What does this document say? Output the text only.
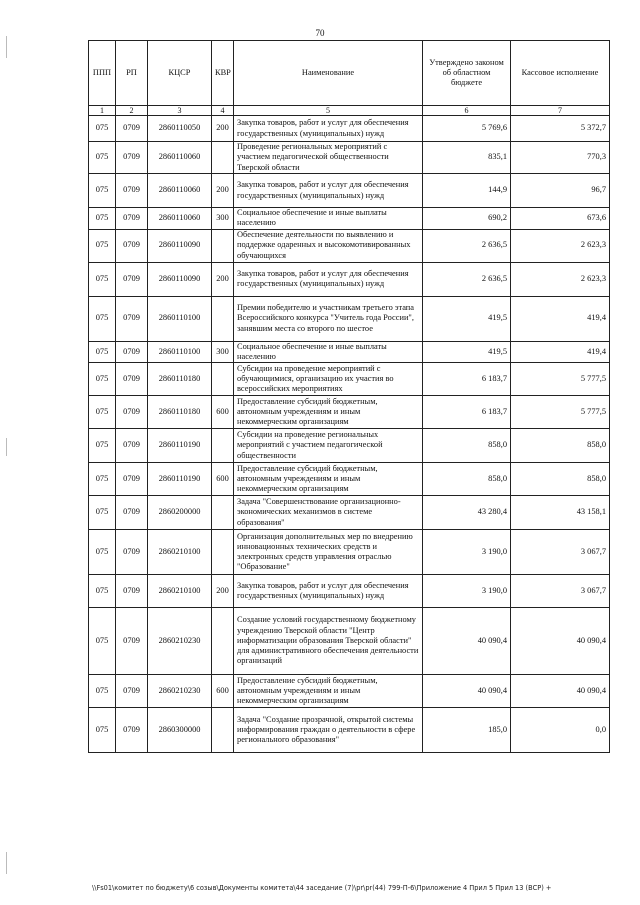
70
ППП	РП	КЦСР	КВР	Наименование	Утверждено законом об областном бюджете	Кассовое исполнение
1	2	3	4	5	6	7
075	0709	2860110050	200	Закупка товаров, работ и услуг для обеспечения государственных (муниципальных) нужд	5 769,6	5 372,7
075	0709	2860110060		Проведение региональных мероприятий с участием педагогической общественности Тверской области	835,1	770,3
075	0709	2860110060	200	Закупка товаров, работ и услуг для обеспечения государственных (муниципальных) нужд	144,9	96,7
075	0709	2860110060	300	Социальное обеспечение и иные выплаты населению	690,2	673,6
075	0709	2860110090		Обеспечение деятельности по выявлению и поддержке одаренных и высокомотивированных обучающихся	2 636,5	2 623,3
075	0709	2860110090	200	Закупка товаров, работ и услуг для обеспечения государственных (муниципальных) нужд	2 636,5	2 623,3
075	0709	2860110100		Премии победителю и участникам третьего этапа Всероссийского конкурса "Учитель года России", занявшим места со второго по шестое	419,5	419,4
075	0709	2860110100	300	Социальное обеспечение и иные выплаты населению	419,5	419,4
075	0709	2860110180		Субсидии на проведение мероприятий с обучающимися, организацию их участия во всероссийских мероприятиях	6 183,7	5 777,5
075	0709	2860110180	600	Предоставление субсидий бюджетным, автономным учреждениям и иным некоммерческим организациям	6 183,7	5 777,5
075	0709	2860110190		Субсидии на проведение региональных мероприятий с участием педагогической общественности	858,0	858,0
075	0709	2860110190	600	Предоставление субсидий бюджетным, автономным учреждениям и иным некоммерческим организациям	858,0	858,0
075	0709	2860200000		Задача "Совершенствование организационно-экономических механизмов в системе образования"	43 280,4	43 158,1
075	0709	2860210100		Организация дополнительных мер по внедрению инновационных технических средств и электронных средств управления отраслью "Образование"	3 190,0	3 067,7
075	0709	2860210100	200	Закупка товаров, работ и услуг для обеспечения государственных (муниципальных) нужд	3 190,0	3 067,7
075	0709	2860210230		Создание условий государственному бюджетному учреждению Тверской области "Центр информатизации образования Тверской области" для административного обеспечения деятельности организаций	40 090,4	40 090,4
075	0709	2860210230	600	Предоставление субсидий бюджетным, автономным учреждениям и иным некоммерческим организациям	40 090,4	40 090,4
075	0709	2860300000		Задача "Создание прозрачной, открытой системы информирования граждан о деятельности в сфере регионального образования"	185,0	0,0
\\Fs01\комитет по бюджету\6 созыв\Документы комитета\44 заседание (7)\pr\pr(44) 799-П-6\Приложение 4 Прил 5 Прил 13 (ВСР) +
